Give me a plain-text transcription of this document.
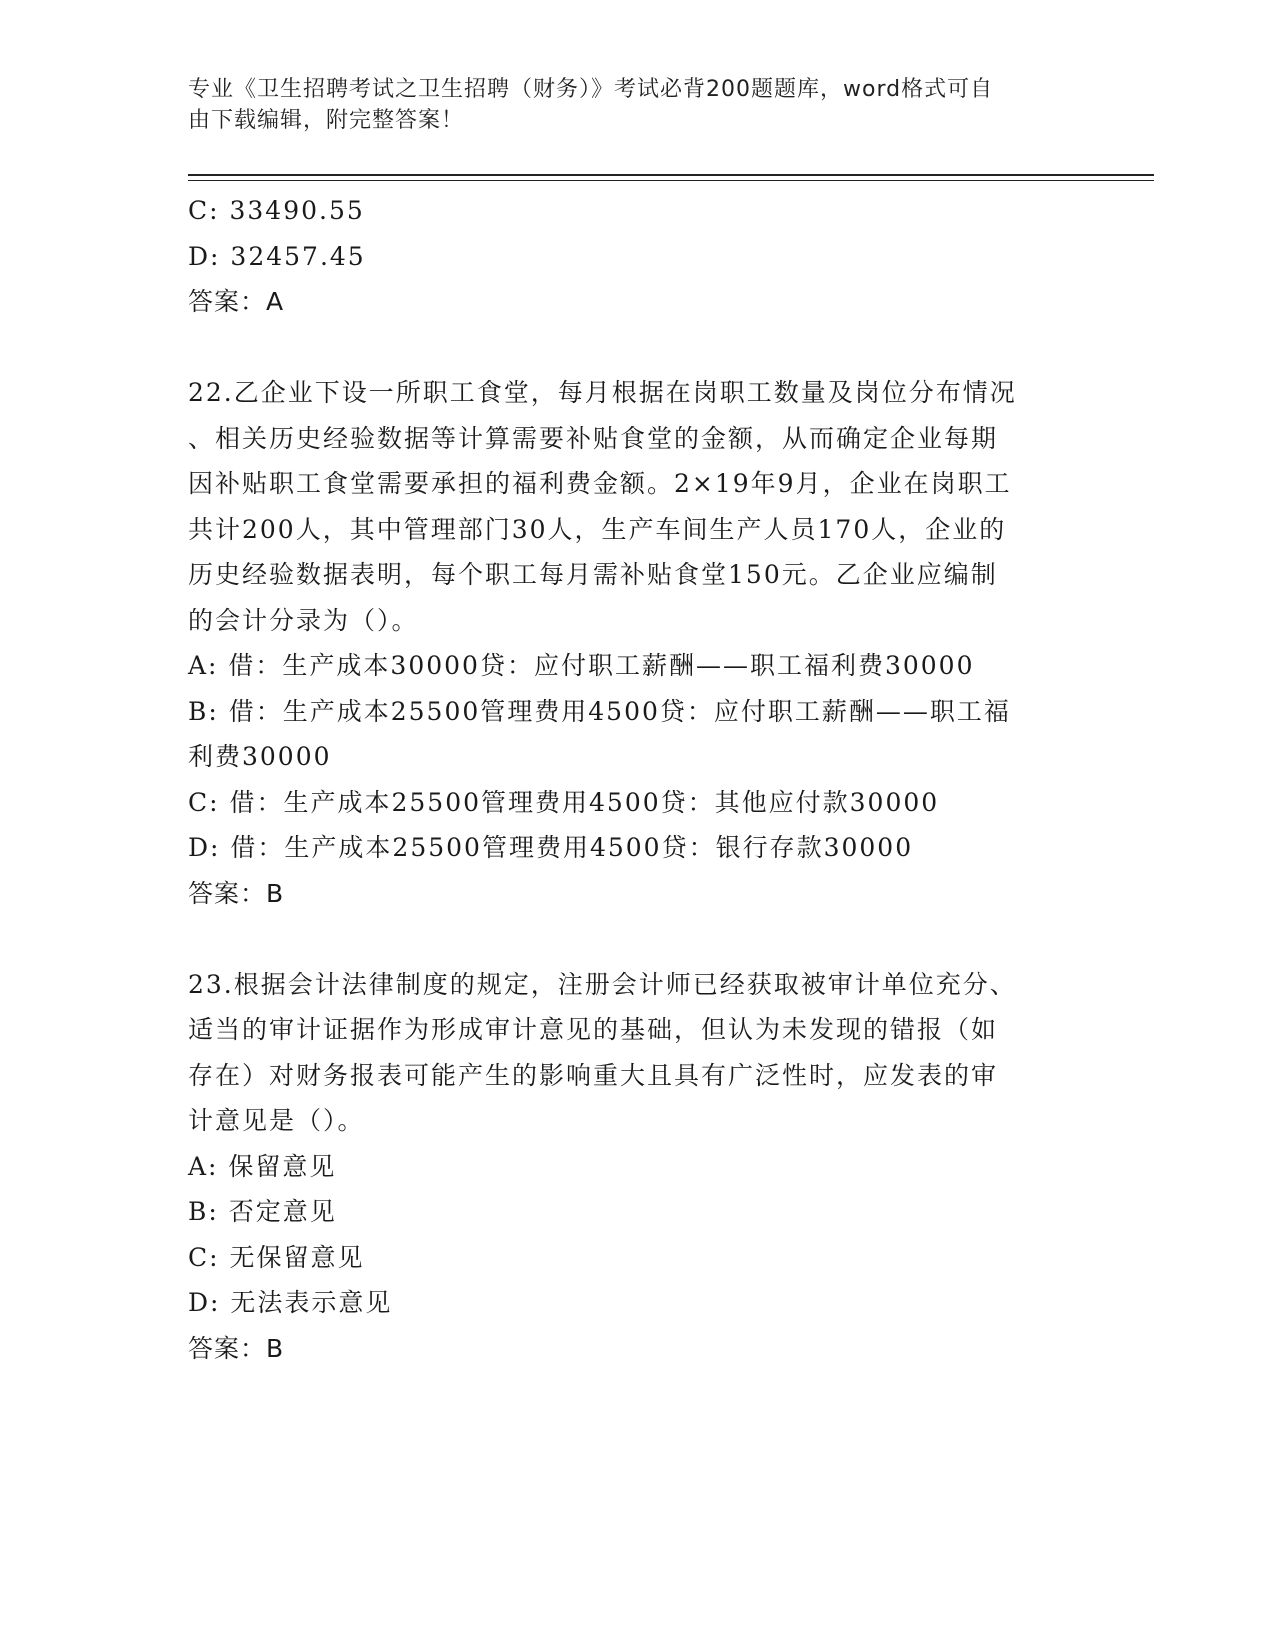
专业《卫生招聘考试之卫生招聘（财务）》考试必背200题题库，word格式可自
由下载编辑，附完整答案！

C: 33490.55

D: 32457.45

答案：A

22.乙企业下设一所职工食堂，每月根据在岗职工数量及岗位分布情况

、相关历史经验数据等计算需要补贴食堂的金额，从而确定企业每期

因补贴职工食堂需要承担的福利费金额。2×19年9月，企业在岗职工

共计200人，其中管理部门30人，生产车间生产人员170人，企业的

历史经验数据表明，每个职工每月需补贴食堂150元。乙企业应编制

的会计分录为（）。

A: 借：生产成本30000贷：应付职工薪酬——职工福利费30000

B: 借：生产成本25500管理费用4500贷：应付职工薪酬——职工福

利费30000

C: 借：生产成本25500管理费用4500贷：其他应付款30000

D: 借：生产成本25500管理费用4500贷：银行存款30000

答案：B

23.根据会计法律制度的规定，注册会计师已经获取被审计单位充分、

适当的审计证据作为形成审计意见的基础，但认为未发现的错报（如

存在）对财务报表可能产生的影响重大且具有广泛性时，应发表的审

计意见是（）。

A: 保留意见

B: 否定意见

C: 无保留意见

D: 无法表示意见

答案：B
